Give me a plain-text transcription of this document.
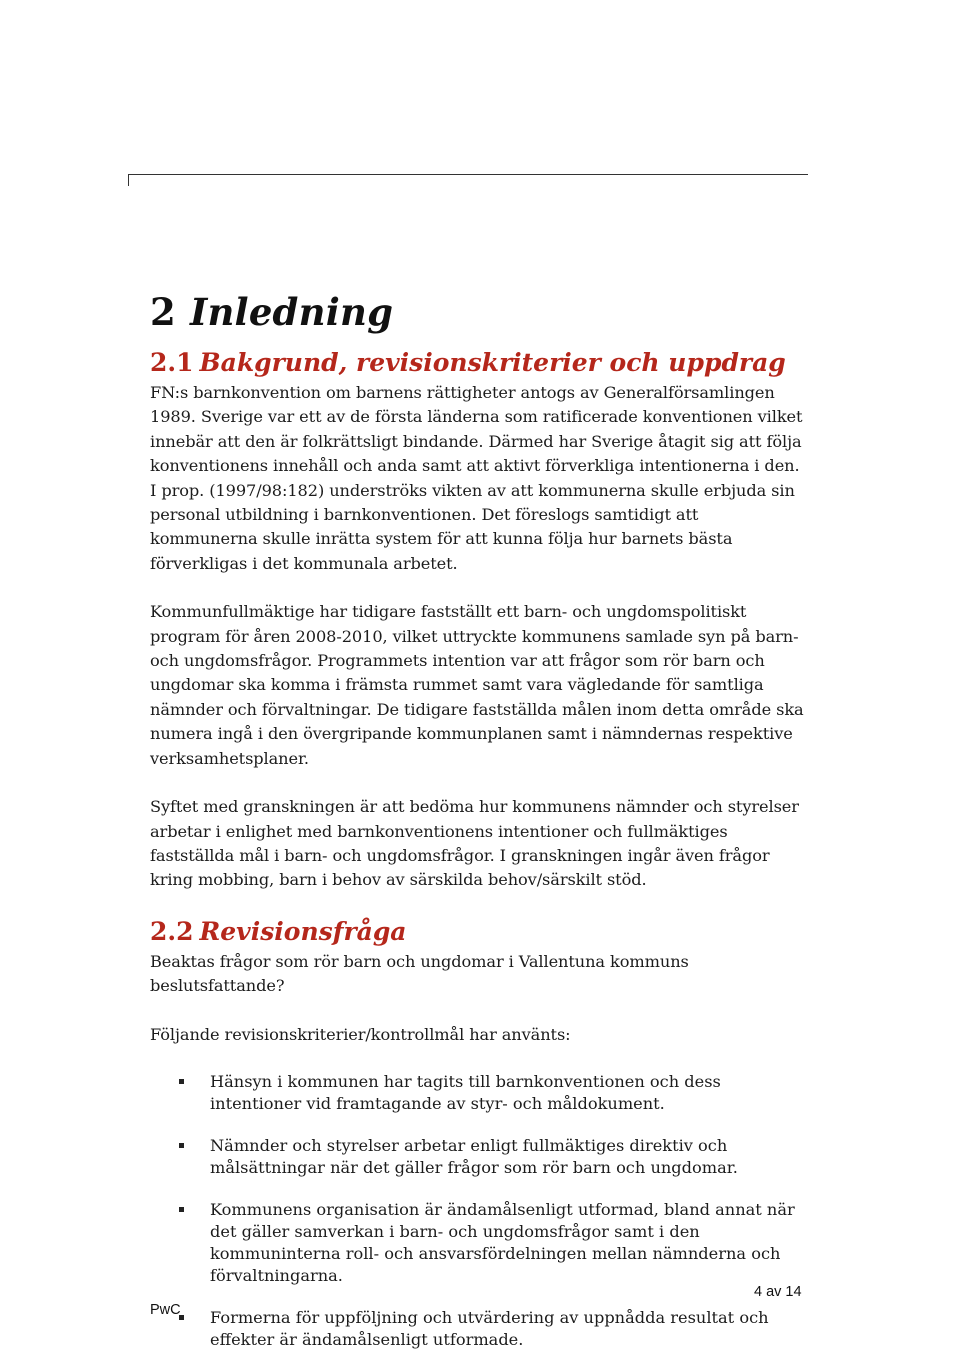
2 Inledning
2.1 Bakgrund, revisionskriterier och uppdrag

FN:s barnkonvention om barnens rättigheter antogs av Generalförsamlingen 1989. Sverige var ett av de första länderna som ratificerade konventionen vilket innebär att den är folkrättsligt bindande. Därmed har Sverige åtagit sig att följa konventionens innehåll och anda samt att aktivt förverkliga intentionerna i den. I prop. (1997/98:182) underströks vikten av att kommunerna skulle erbjuda sin personal utbildning i barnkonventionen. Det föreslogs samtidigt att kommunerna skulle inrätta system för att kunna följa hur barnets bästa förverkligas i det kommunala arbetet.

Kommunfullmäktige har tidigare fastställt ett barn- och ungdomspolitiskt program för åren 2008-2010, vilket uttryckte kommunens samlade syn på barn- och ungdomsfrågor. Programmets intention var att frågor som rör barn och ungdomar ska komma i främsta rummet samt vara vägledande för samtliga nämnder och förvaltningar. De tidigare fastställda målen inom detta område ska numera ingå i den övergripande kommunplanen samt i nämndernas respektive verksamhetsplaner.

Syftet med granskningen är att bedöma hur kommunens nämnder och styrelser arbetar i enlighet med barnkonventionens intentioner och fullmäktiges fastställda mål i barn- och ungdomsfrågor. I granskningen ingår även frågor kring mobbing, barn i behov av särskilda behov/särskilt stöd.

2.2 Revisionsfråga

Beaktas frågor som rör barn och ungdomar i Vallentuna kommuns beslutsfattande?

Följande revisionskriterier/kontrollmål har använts:

Hänsyn i kommunen har tagits till barnkonventionen och dess intentioner vid framtagande av styr- och måldokument.
Nämnder och styrelser arbetar enligt fullmäktiges direktiv och målsättningar när det gäller frågor som rör barn och ungdomar.
Kommunens organisation är ändamålsenligt utformad, bland annat när det gäller samverkan i barn- och ungdomsfrågor samt i den kommuninterna roll- och ansvarsfördelningen mellan nämnderna och förvaltningarna.
Formerna för uppföljning och utvärdering av uppnådda resultat och effekter är ändamålsenligt utformade.
PwC
4 av 14
